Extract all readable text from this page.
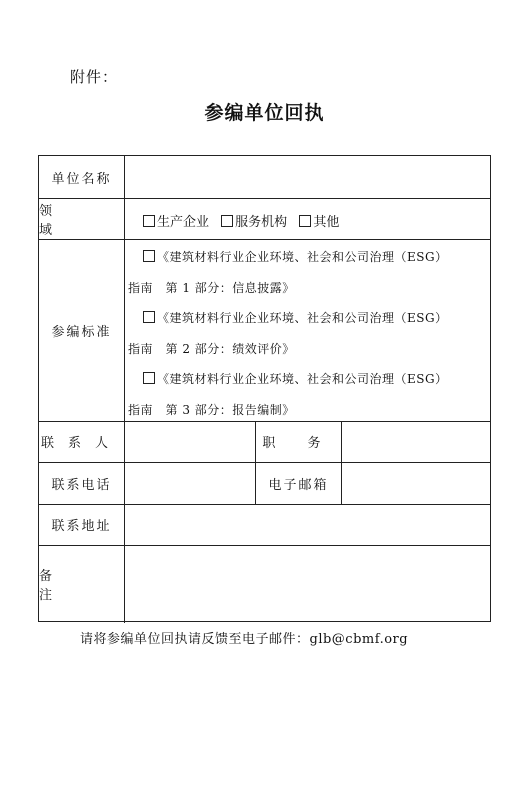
附件：
参编单位回执
单位名称
领 域	生产企业 服务机构 其他
参编标准
《建筑材料行业企业环境、社会和公司治理（ESG）
指南　第 1 部分：信息披露》
《建筑材料行业企业环境、社会和公司治理（ESG）
指南　第 2 部分：绩效评价》
《建筑材料行业企业环境、社会和公司治理（ESG）
指南　第 3 部分：报告编制》
联系人	职 务
联系电话	电子邮箱
联系地址
备 注
请将参编单位回执请反馈至电子邮件：glb@cbmf.org
